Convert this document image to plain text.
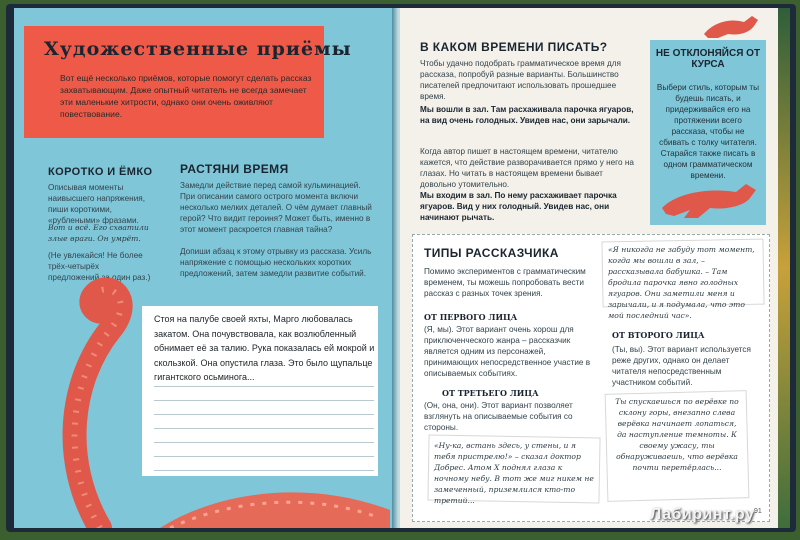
Художественные приёмы
Вот ещё несколько приёмов, которые помогут сделать рассказ захватывающим. Даже опытный читатель не всегда замечает эти маленькие хитрости, однако они очень оживляют повествование.
КОРОТКО И ЁМКО
Описывая моменты наивысшего напряжения, пиши короткими, «рублеными» фразами.
Вот и всё. Его схватили злые враги. Он умрёт.
(Не увлекайся! Не более трёх-четырёх предложений за один раз.)
РАСТЯНИ ВРЕМЯ
Замедли действие перед самой кульминацией. При описании самого острого момента включи несколько мелких деталей. О чём думает главный герой? Что видит героиня? Может быть, именно в этот момент раскроется главная тайна?
Допиши абзац к этому отрывку из рассказа. Усиль напряжение с помощью нескольких коротких предложений, затем замедли развитие событий.
Стоя на палубе своей яхты, Марго любовалась закатом. Она почувствовала, как возлюбленный обнимает её за талию. Рука показалась ей мокрой и скользкой. Она опустила глаза. Это было щупальце гигантского осьминога...
В КАКОМ ВРЕМЕНИ ПИСАТЬ?
Чтобы удачно подобрать грамматическое время для рассказа, попробуй разные варианты. Большинство писателей предпочитают использовать прошедшее время.
Мы вошли в зал. Там расхаживала парочка ягуаров, на вид очень голодных. Увидев нас, они зарычали.
Когда автор пишет в настоящем времени, читателю кажется, что действие разворачивается прямо у него на глазах. Но читать в настоящем времени бывает довольно утомительно.
Мы входим в зал. По нему расхаживает парочка ягуаров. Вид у них голодный. Увидев нас, они начинают рычать.
НЕ ОТКЛОНЯЙСЯ ОТ КУРСА
Выбери стиль, которым ты будешь писать, и придерживайся его на протяжении всего рассказа, чтобы не сбивать с толку читателя. Старайся также писать в одном грамматическом времени.
ТИПЫ РАССКАЗЧИКА
Помимо экспериментов с грамматическим временем, ты можешь попробовать вести рассказ с разных точек зрения.
«Я никогда не забуду тот момент, когда мы вошли в зал, – рассказывала бабушка. – Там бродила парочка явно голодных ягуаров. Они заметили меня и зарычали, и я подумала, что это мой последний час».
ОТ ПЕРВОГО ЛИЦА
(Я, мы). Этот вариант очень хорош для приключенческого жанра – рассказчик является одним из персонажей, принимающих непосредственное участие в описываемых событиях.
ОТ ВТОРОГО ЛИЦА
(Ты, вы). Этот вариант используется реже других, однако он делает читателя непосредственным участником событий.
ОТ ТРЕТЬЕГО ЛИЦА
(Он, она, они). Этот вариант позволяет взглянуть на описываемые события со стороны.
«Ну-ка, встань здесь, у стены, и я тебя пристрелю!» – сказал доктор Добрес. Атом Х поднял глаза к ночному небу. В тот же миг никем не замеченный, приземлился кто-то третий...
Ты спускаешься по верёвке по склону горы, внезапно слева верёвка начинает лопаться, да наступление темноты. К своему ужасу, ты обнаруживаешь, что верёвка почти перетёрлась...
91
Лабиринт.ру
